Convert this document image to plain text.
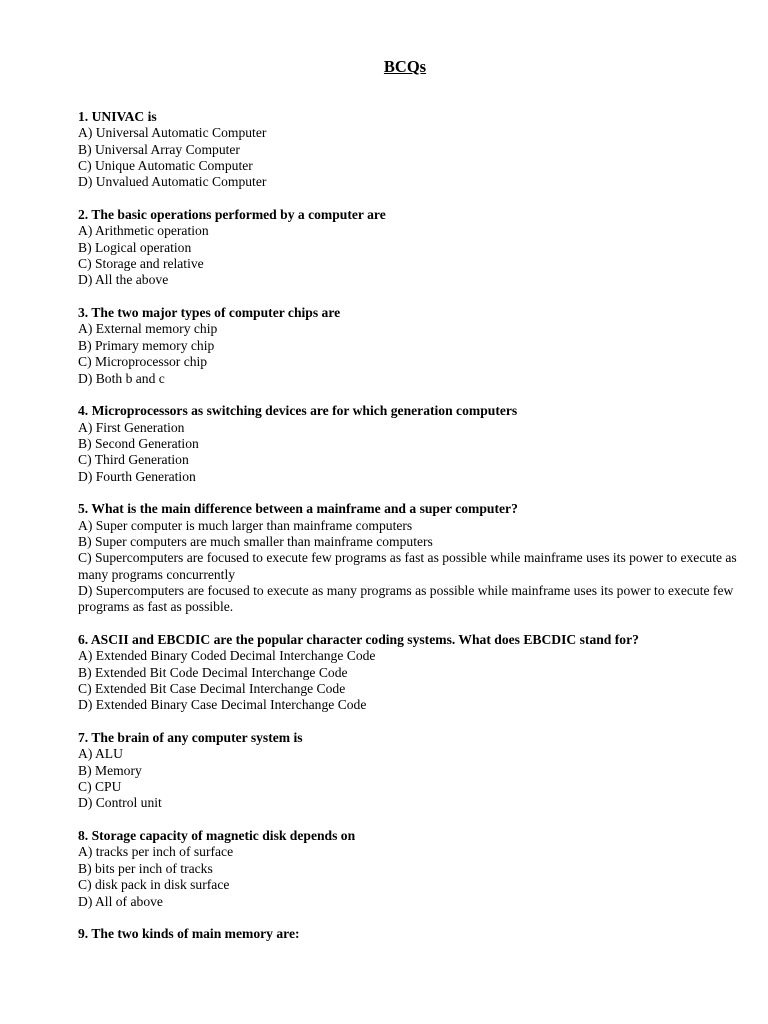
BCQs

1. UNIVAC is

A) Universal Automatic Computer

B) Universal Array Computer

C) Unique Automatic Computer

D) Unvalued Automatic Computer

2. The basic operations performed by a computer are

A) Arithmetic operation

B) Logical operation

C) Storage and relative

D) All the above

3. The two major types of computer chips are

A) External memory chip

B) Primary memory chip

C) Microprocessor chip

D) Both b and c

4. Microprocessors as switching devices are for which generation computers

A) First Generation

B) Second Generation

C) Third Generation

D) Fourth Generation

5. What is the main difference between a mainframe and a super computer?

A) Super computer is much larger than mainframe computers

B) Super computers are much smaller than mainframe computers

C) Supercomputers are focused to execute few programs as fast as possible while mainframe uses its power to execute as many programs concurrently

D) Supercomputers are focused to execute as many programs as possible while mainframe uses its power to execute few programs as fast as possible.

6. ASCII and EBCDIC are the popular character coding systems. What does EBCDIC stand for?

A) Extended Binary Coded Decimal Interchange Code

B) Extended Bit Code Decimal Interchange Code

C) Extended Bit Case Decimal Interchange Code

D) Extended Binary Case Decimal Interchange Code

7. The brain of any computer system is

A) ALU

B) Memory

C) CPU

D) Control unit

8. Storage capacity of magnetic disk depends on

A) tracks per inch of surface

B) bits per inch of tracks

C) disk pack in disk surface

D) All of above

9. The two kinds of main memory are:
